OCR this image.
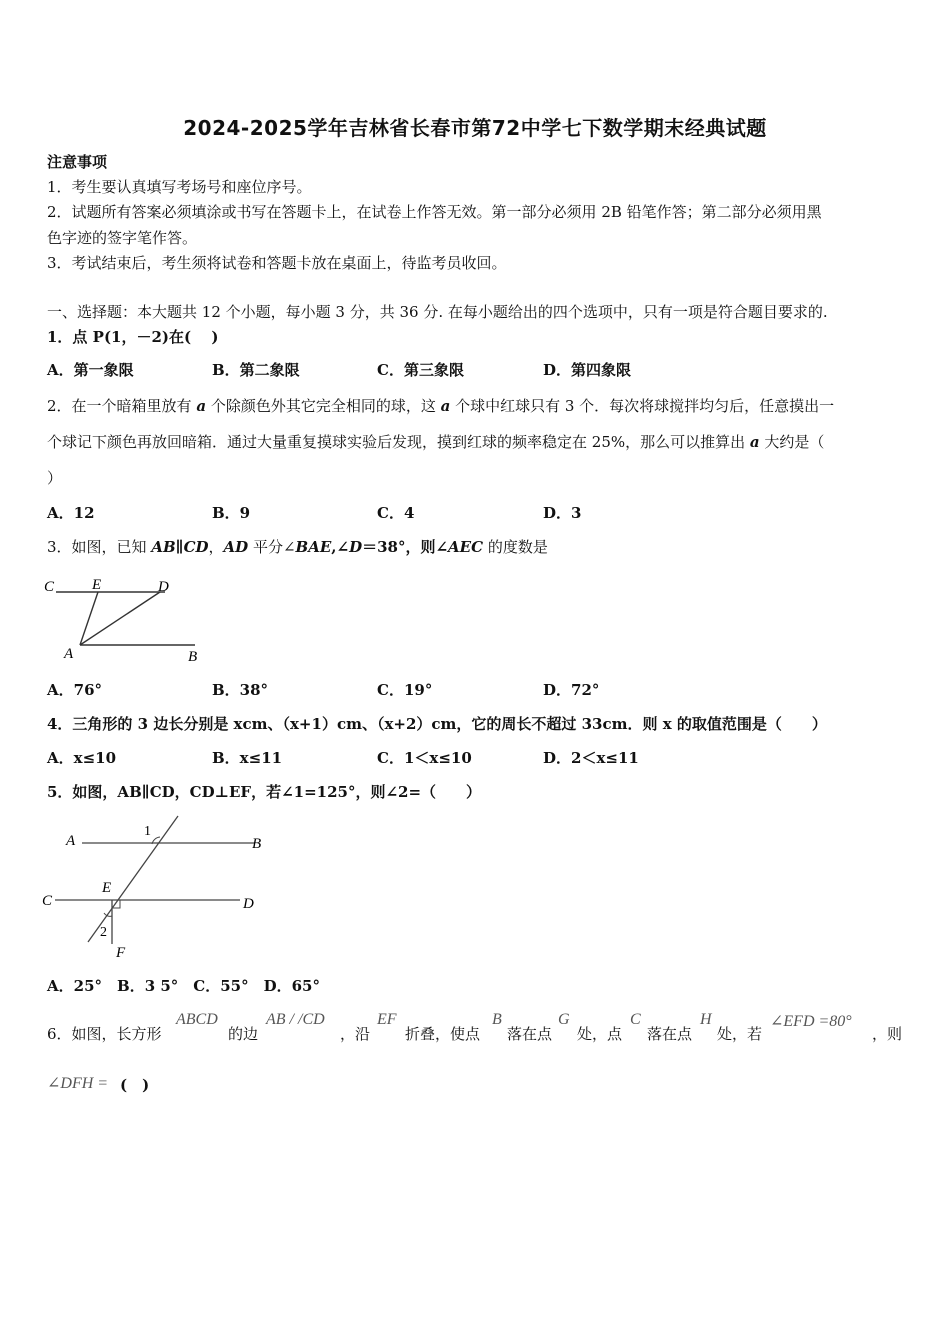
2024-2025学年吉林省长春市第72中学七下数学期末经典试题
注意事项
1．考生要认真填写考场号和座位序号。
2．试题所有答案必须填涂或书写在答题卡上，在试卷上作答无效。第一部分必须用 2B 铅笔作答；第二部分必须用黑
色字迹的签字笔作答。
3．考试结束后，考生须将试卷和答题卡放在桌面上，待监考员收回。
一、选择题：本大题共 12 个小题，每小题 3 分，共 36 分. 在每小题给出的四个选项中，只有一项是符合题目要求的.
1．点 P(1，－2)在(　 )
A．第一象限	B．第二象限	C．第三象限	D．第四象限
2．在一个暗箱里放有 a 个除颜色外其它完全相同的球，这 a 个球中红球只有 3 个．每次将球搅拌均匀后，任意摸出一
个球记下颜色再放回暗箱．通过大量重复摸球实验后发现，摸到红球的频率稳定在 25%，那么可以推算出 a 大约是（
）
A．12	B．9	C．4	D．3
3．如图，已知 AB∥CD，AD 平分∠BAE,∠D＝38°，则∠AEC 的度数是
C	E	D
A	B
A．76°	B．38°	C．19°	D．72°
4．三角形的 3 边长分别是 xcm、（x+1）cm、（x+2）cm，它的周长不超过 33cm．则 x 的取值范围是（　　）
A．x≤10	B．x≤11	C．1＜x≤10	D．2＜x≤11
5．如图，AB∥CD，CD⊥EF，若∠1=125°，则∠2=（　　）
A
1
B
E
C	D
2
F
A．25°　B．3 5°　C．55°　D．65°
6．如图，长方形
ABCD
的边
AB / /CD
，沿
EF
折叠，使点
B
落在点
G
处，点
C
落在点
H
处，若
∠EFD =80°
，则
∠DFH = (　)
